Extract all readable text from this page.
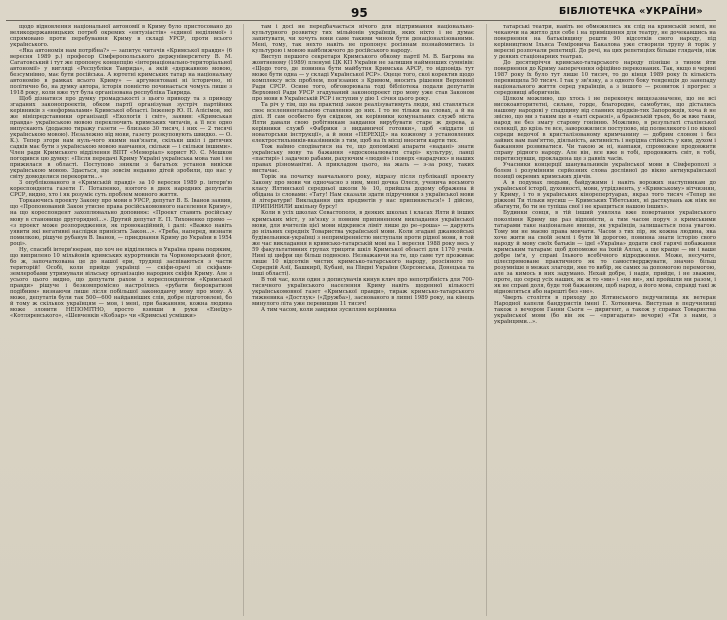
95	БІБЛІОТЕЧКА «УКРАЇНИ»

щодо відновлення національної автономії в Криму було пристосовано до великодержавницьких потреб окремих «ентузіастів» «єдиної неділимої» і спрямовано проти перебування Криму в складі УРСР, проти всього українського.

«Яка автономія нам потрібна?» — запитує читачів «Кримської правди» (6 вересня 1989 р.) професор Сімферопольського держуніверситету В. М. Сагатовський і тут же пропонує концепцію «інтернаціонально-територіальної автономії» у вигляді «Республіки Таврида», а якій «державною мовою, безсумнівно, має бути російська. А юртетні кримських татар на національну автономію в рамках всього Криму» — аргументовані ні історично, ні політично бо, на думку автора, історія повністю починається чомусь лише з 1918 року, коли вже тут була організована республіка Таврида.

Щоб дізнатися про думку громадськості з цього приводу та з приводу згаданих законопроектів, обком партії організував зустріч партійних керівників з «неформалами» Кримської області. Інженер Ю. П. Алісімов, які же вініпредставники організації «Екологія і світ», заявив: «Кримськая правда» українською мовою переключить кримських читачів, а її все одно випускають (додаємо тиражу газети — близько 30 тисяч, і них — 2 тисячі українською мовою). Незалежно від мови, газету розкуповують швидко. — О. К.). Тепер згори нам нуль-чого якими нав'язати, скільки шкіл і дитячих садків має бути з українською мовою навчання, скільки — і скільки іншими». Член ради Кримського відділення ВІПТ «Меморіал» корист Ю. С. Мешков погодився цю думку: «Після передачі Криму Україні українська мова там і не прижилася в області. Поступово зникли з багатьох установ вивіски українською мовою. Здається, ще зовсім недавно дітей зробили, що нас у світу домоделися перекорити...»

З опублікованого в «Кримській правді» за 10 вересня 1989 р. інтерв'ю кореспондента газети Г. Потапенко, взятого в двох народних депутатів СРСР, видно, хто і як розуміє суть проблем мовного життя.

Торкаючись проекту Закону про мови в УРСР, депутат В. Б. Іванов заявив, що «Пропонований Закон утисне права російськомовного населення Криму», на що кореспондент захоплювально доповнює: «Проект ставить російську мову в становище другорядної...». Другий депутат Е. П. Тихоненко прямо — «з проект може розпорядження, як провокаційний, і далі: «Важко навіть уявити які негативні наслідки приніcить Закон...». «Треба, наперед, визнати помилкою, рішуче рубанув В. Іванов, — приєднання Криму до України в 1954 році».

Ну, спасибі інтерв'юерам, що хоч не відділились в Україна права подяким, що виприлено 10 мільйонів кримських курортників та Чорноморський флот, бо ж, започаткована це до нашої ери, трудящі заспіваються з части територій! Особі, коли прийде українці — скіфи-орачі зі скіфами-землеробами утримували вільську організацію народних скіфів Криму. Але з усього цього видно, що депутати рахом з кореспондентом «Кримської правди» рішуче і безкомпромісно настроїлись «рубати бюрократизм подібним» визнаючи лише лісля побільшої законодавчу мову про мову. А може, депутатів були так 500—600 найдавніших слів, добре підготовлені, бо й тому ж скількох українцям — мов, і мені, при бажанням, кожна людина може зловити НЕПОМІТНО, просто взявши в руки «Енеїду» «Котляревського», «Шевченків «Кобзар» чи «Кримські усмішки»

там і досі не передбачається нічого для підтримання національно-культурного розвитку тих мільйонів українців, яких ніхто і не думає запитувати, чи хочуть вони саме такими чином бути денаціоналізованими. Мені, тому, так нехто навіть не пропонує росіянам познайомитись із культурою і мовою найближчого до російського народу.

Виступ першого секретаря Кримського обкому партії М. В. Багрова на жовтневому (1989) пленумі ЦК КП України не залишив найменших сумнівів: «Щодо того, де повинна бути майбутня Кримська АРСР, то відповідь тут може бути одна — у складі Української РСР». Оцеце того, скоі коректив щодо комплексу всіх проблем, пов'язаних з Кримом, вносить рішення Верховної Ради СРСР. Осине того, обговорювала тоді бібліотека подали депутатів Верховної Ради УРСР згадуваний законопроект про мову уже став Законом про мови в Українській РСР і вступив у дію 1 січня цього року.

Та річ у тім, що на практиці закон реалізуватимуть люди, які ставляться своє вселеннентальною ставлення до них. І то не тільки на словах, а й на ділі. Я сам особисто був свідком, як керівники комунальних служб міста Ялти давали свою робітникам завдання вирубувати старе ж дерева, а керівники служб «Фабрики з видавничої готовки», щоб «віддати ці новаторськи інструкції», а й вони «ПЕРЕХІД» на кожному з установлених електростильників-вказівників з тим, щоб на їх місці вносити карти тих.

Тож наївно сподіватися на те, що допоміжні апарати «надані» знати українську мову та бажання «вдосконалювати старі» культуру, ланці «пастирі» і задачею рабами, рахуючим «людей» і поверх «нарадчих» в наших правах різноманітні. А прикладом цього, на жаль — з-за року, таких вистачає.

Торік на початку навчального року, відразу після публікації проекту Закону про мови чи одночасно з ним, мені дочка Олеся, ученича восьмого класу Ялтинської середньої школи № 10, прийшла додому ображена й обідана із словами: «Тату! Нам сказали здати підручники з української мови й літератури! Викладання цих предметів у нас припиняється!» І дійсно, ПРИПИНИЛИ шкільну бурсу!

Коли в усіх школах Севастополя, в деяких школах і класах Ялти й інших кримських міст, у зв'язку з повним припиненням викладання української мови, для вчителів цієї мови відкрився ліміт лише до ре-«роша» — дарують до нільних середніх Товариства української мови. Коли згадані джанкойські будівельники-українці з неприміренністю виступали проти рідної мови, в той же час викладання в кримсько-татарській мові на 1 вересня 1988 року весь у 59 факультативних групах трицяти шкіл Кримської області для 1170 учнів. Нині ці цифри ще більш подвоєно. Незважаючи на те, що саме тут проживає лише 10 відсотків чистих кримсько-татарського народу, розсіяного по Середній Азії, Башкирії, Кубані, на Півдні України (Херсонська, Донецька та інші області).

В той час, коли один з дописувачів кинув клич про непотрібність для 700-тисячного українського населення Криму навіть щоденної кількості українськомовної газет «Кримської правди», тираж кримсько-татарського тижневика «Достлук» («Дружба»), заснованого в липні 1989 року, на кінець минулого літа уже перевищив 11 тисяч!

А тим часом, коли завдяки зусиллям керівника

татарські театри, навіть не обмежились як слід на кримській землі, не чекаючи на житло для себе і на приміщення для театру, не дочекавшись на повернення на батьківщину решти 90 відсотків свого народу, під керівництвом Ільяса Теміровича Бакалова уже створили трупу й торік у вересні розпочали репетиції. До речі, на цих репетиціях більше глядачів, ніж у деяких стаціонарних театрах.

До десятиріччя кримсько-татарського народу пізніше з тином йти повернення до Криму заперечення офіційно переконаних. Так, якщо в червні 1987 року їх було тут лише 10 тисяч, то до кінця 1989 року їх кількість перевищила 50 тисяч. І так у зв'язку, а з одного боку тенденція до занепаду національного життя серед українців, а з іншого — розвиток і прогрес з середовищі аборигенів.

Цілком можливо, що хтось і не переконує вищезазначене, що не всі високоавторитетні, сильне, горде, благородне, самобутнє, що дістались нашому народові у спадщину від славних предків-тих Запорожців, хоча й не звісно, що ми з таким ще в «хаті скраєні», а браєвській трьох, бо ж вже таки, народ не без змагу старому гонінню. Можливо, в результаті сталінської селекції, до крізь те все, заворожилися поступово, від полвеликого і по вікної середи ведочої в кристалізованому кримчанину — добрим словом і без зайвих вам пам'яттю, діяльність, активність і нерідна стійкість у ким, духом і бажанням розвиватися. Чи такою ж ні, навпаки, спроможне продовжити справу рідного народу. Але він, все вже в тобі, продовжить світ, в тобі, перетиснувши, прокладена ще з давніх часів.

Учасники концерції шанувальників української мови в Сімферополі з болем і розумінням серйозних слова дослівної до вікно антиукраїнської позиції окремих кримських діячів.

А в подумах людьми, байдужими і навіть ворожих наступникам до української історії, духовності, мови, утрідзвенть, у «Кримському» вітчизнян, у Криму, і то в українських кінорепертуарах, якраз того тисяч «Тепер не ріжкові Ти тільки мусиш — Кримських Тібетських, ні дасткувань аж ніяк не збагнути, бо ти не тупіша свої і не кращиться нашою інших».

Будинки сонця, в тій інший уявляла вже повертання українського покоління Криму ще раз відповісти, а тим часом поруч з кримськими татарами таке національне явище, як українців, залишається поза увагою. Тому ми не маємо права мовчати. Часом з тих пір, як кожна людина, яка хоче жити на своїй землі і бути їй дорогою, повинна знати історію свого народу й мову своїх батьків — ідеї «Україна» додати свої гарячі побажання кримським татарам: щоб допоможе на їхній Аллах, а ще краще — ви і ваше добре ім'я, у справі Ільвого всебічного відродження. Може, несучите, цілеспрямоване практичного як то самостверджувати, значно більш розумніше в межах злагоди, яке то вибір, як самих за допомогою перемогою, але за кимось в них задумано. Нехай добре, і надія, прийде, і не зважим, проте, що серед усіх наших, як ж то «ми» і «не ви», які пройшли ми разом, і як не справі доля, буде той бажанням, щоб народ, а його мова, справді такі ж відновляться або нарешті без «не».

Чверть століття в приходу до Ялтинського педучилища як ветеран Народної капели бандуристів імені Г. Хоткевича. Виступав в педучилищі також з вечором Ганни Сьогн — диригент, а також у справах Товариства української мови (бо він як — «пригадати» вечори) «Ти з нами, з українцями...».
